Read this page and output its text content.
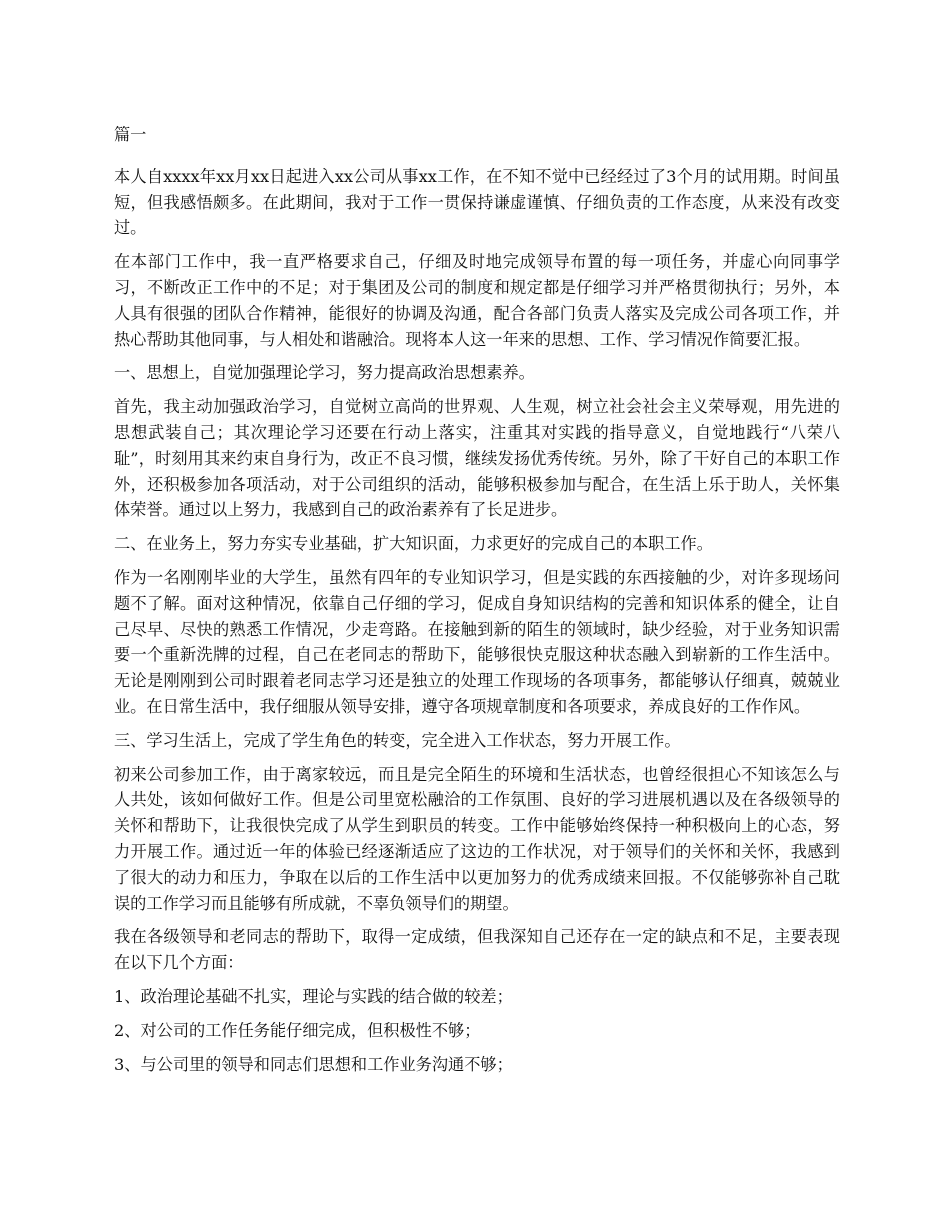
篇一

本人自xxxx年xx月xx日起进入xx公司从事xx工作，在不知不觉中已经经过了3个月的试用期。时间虽短，但我感悟颇多。在此期间，我对于工作一贯保持谦虚谨慎、仔细负责的工作态度，从来没有改变过。

在本部门工作中，我一直严格要求自己，仔细及时地完成领导布置的每一项任务，并虚心向同事学习，不断改正工作中的不足；对于集团及公司的制度和规定都是仔细学习并严格贯彻执行；另外，本人具有很强的团队合作精神，能很好的协调及沟通，配合各部门负责人落实及完成公司各项工作，并热心帮助其他同事，与人相处和谐融洽。现将本人这一年来的思想、工作、学习情况作简要汇报。

一、思想上，自觉加强理论学习，努力提高政治思想素养。

首先，我主动加强政治学习，自觉树立高尚的世界观、人生观，树立社会社会主义荣辱观，用先进的思想武装自己；其次理论学习还要在行动上落实，注重其对实践的指导意义，自觉地践行“八荣八耻”，时刻用其来约束自身行为，改正不良习惯，继续发扬优秀传统。另外，除了干好自己的本职工作外，还积极参加各项活动，对于公司组织的活动，能够积极参加与配合，在生活上乐于助人，关怀集体荣誉。通过以上努力，我感到自己的政治素养有了长足进步。

二、在业务上，努力夯实专业基础，扩大知识面，力求更好的完成自己的本职工作。

作为一名刚刚毕业的大学生，虽然有四年的专业知识学习，但是实践的东西接触的少，对许多现场问题不了解。面对这种情况，依靠自己仔细的学习，促成自身知识结构的完善和知识体系的健全，让自己尽早、尽快的熟悉工作情况，少走弯路。在接触到新的陌生的领域时，缺少经验，对于业务知识需要一个重新洗牌的过程，自己在老同志的帮助下，能够很快克服这种状态融入到崭新的工作生活中。无论是刚刚到公司时跟着老同志学习还是独立的处理工作现场的各项事务，都能够认仔细真，兢兢业业。在日常生活中，我仔细服从领导安排，遵守各项规章制度和各项要求，养成良好的工作作风。

三、学习生活上，完成了学生角色的转变，完全进入工作状态，努力开展工作。

初来公司参加工作，由于离家较远，而且是完全陌生的环境和生活状态，也曾经很担心不知该怎么与人共处，该如何做好工作。但是公司里宽松融洽的工作氛围、良好的学习进展机遇以及在各级领导的关怀和帮助下，让我很快完成了从学生到职员的转变。工作中能够始终保持一种积极向上的心态，努力开展工作。通过近一年的体验已经逐渐适应了这边的工作状况，对于领导们的关怀和关怀，我感到了很大的动力和压力，争取在以后的工作生活中以更加努力的优秀成绩来回报。不仅能够弥补自己耽误的工作学习而且能够有所成就，不辜负领导们的期望。

我在各级领导和老同志的帮助下，取得一定成绩，但我深知自己还存在一定的缺点和不足，主要表现在以下几个方面：

1、政治理论基础不扎实，理论与实践的结合做的较差；

2、对公司的工作任务能仔细完成，但积极性不够；

3、与公司里的领导和同志们思想和工作业务沟通不够；
